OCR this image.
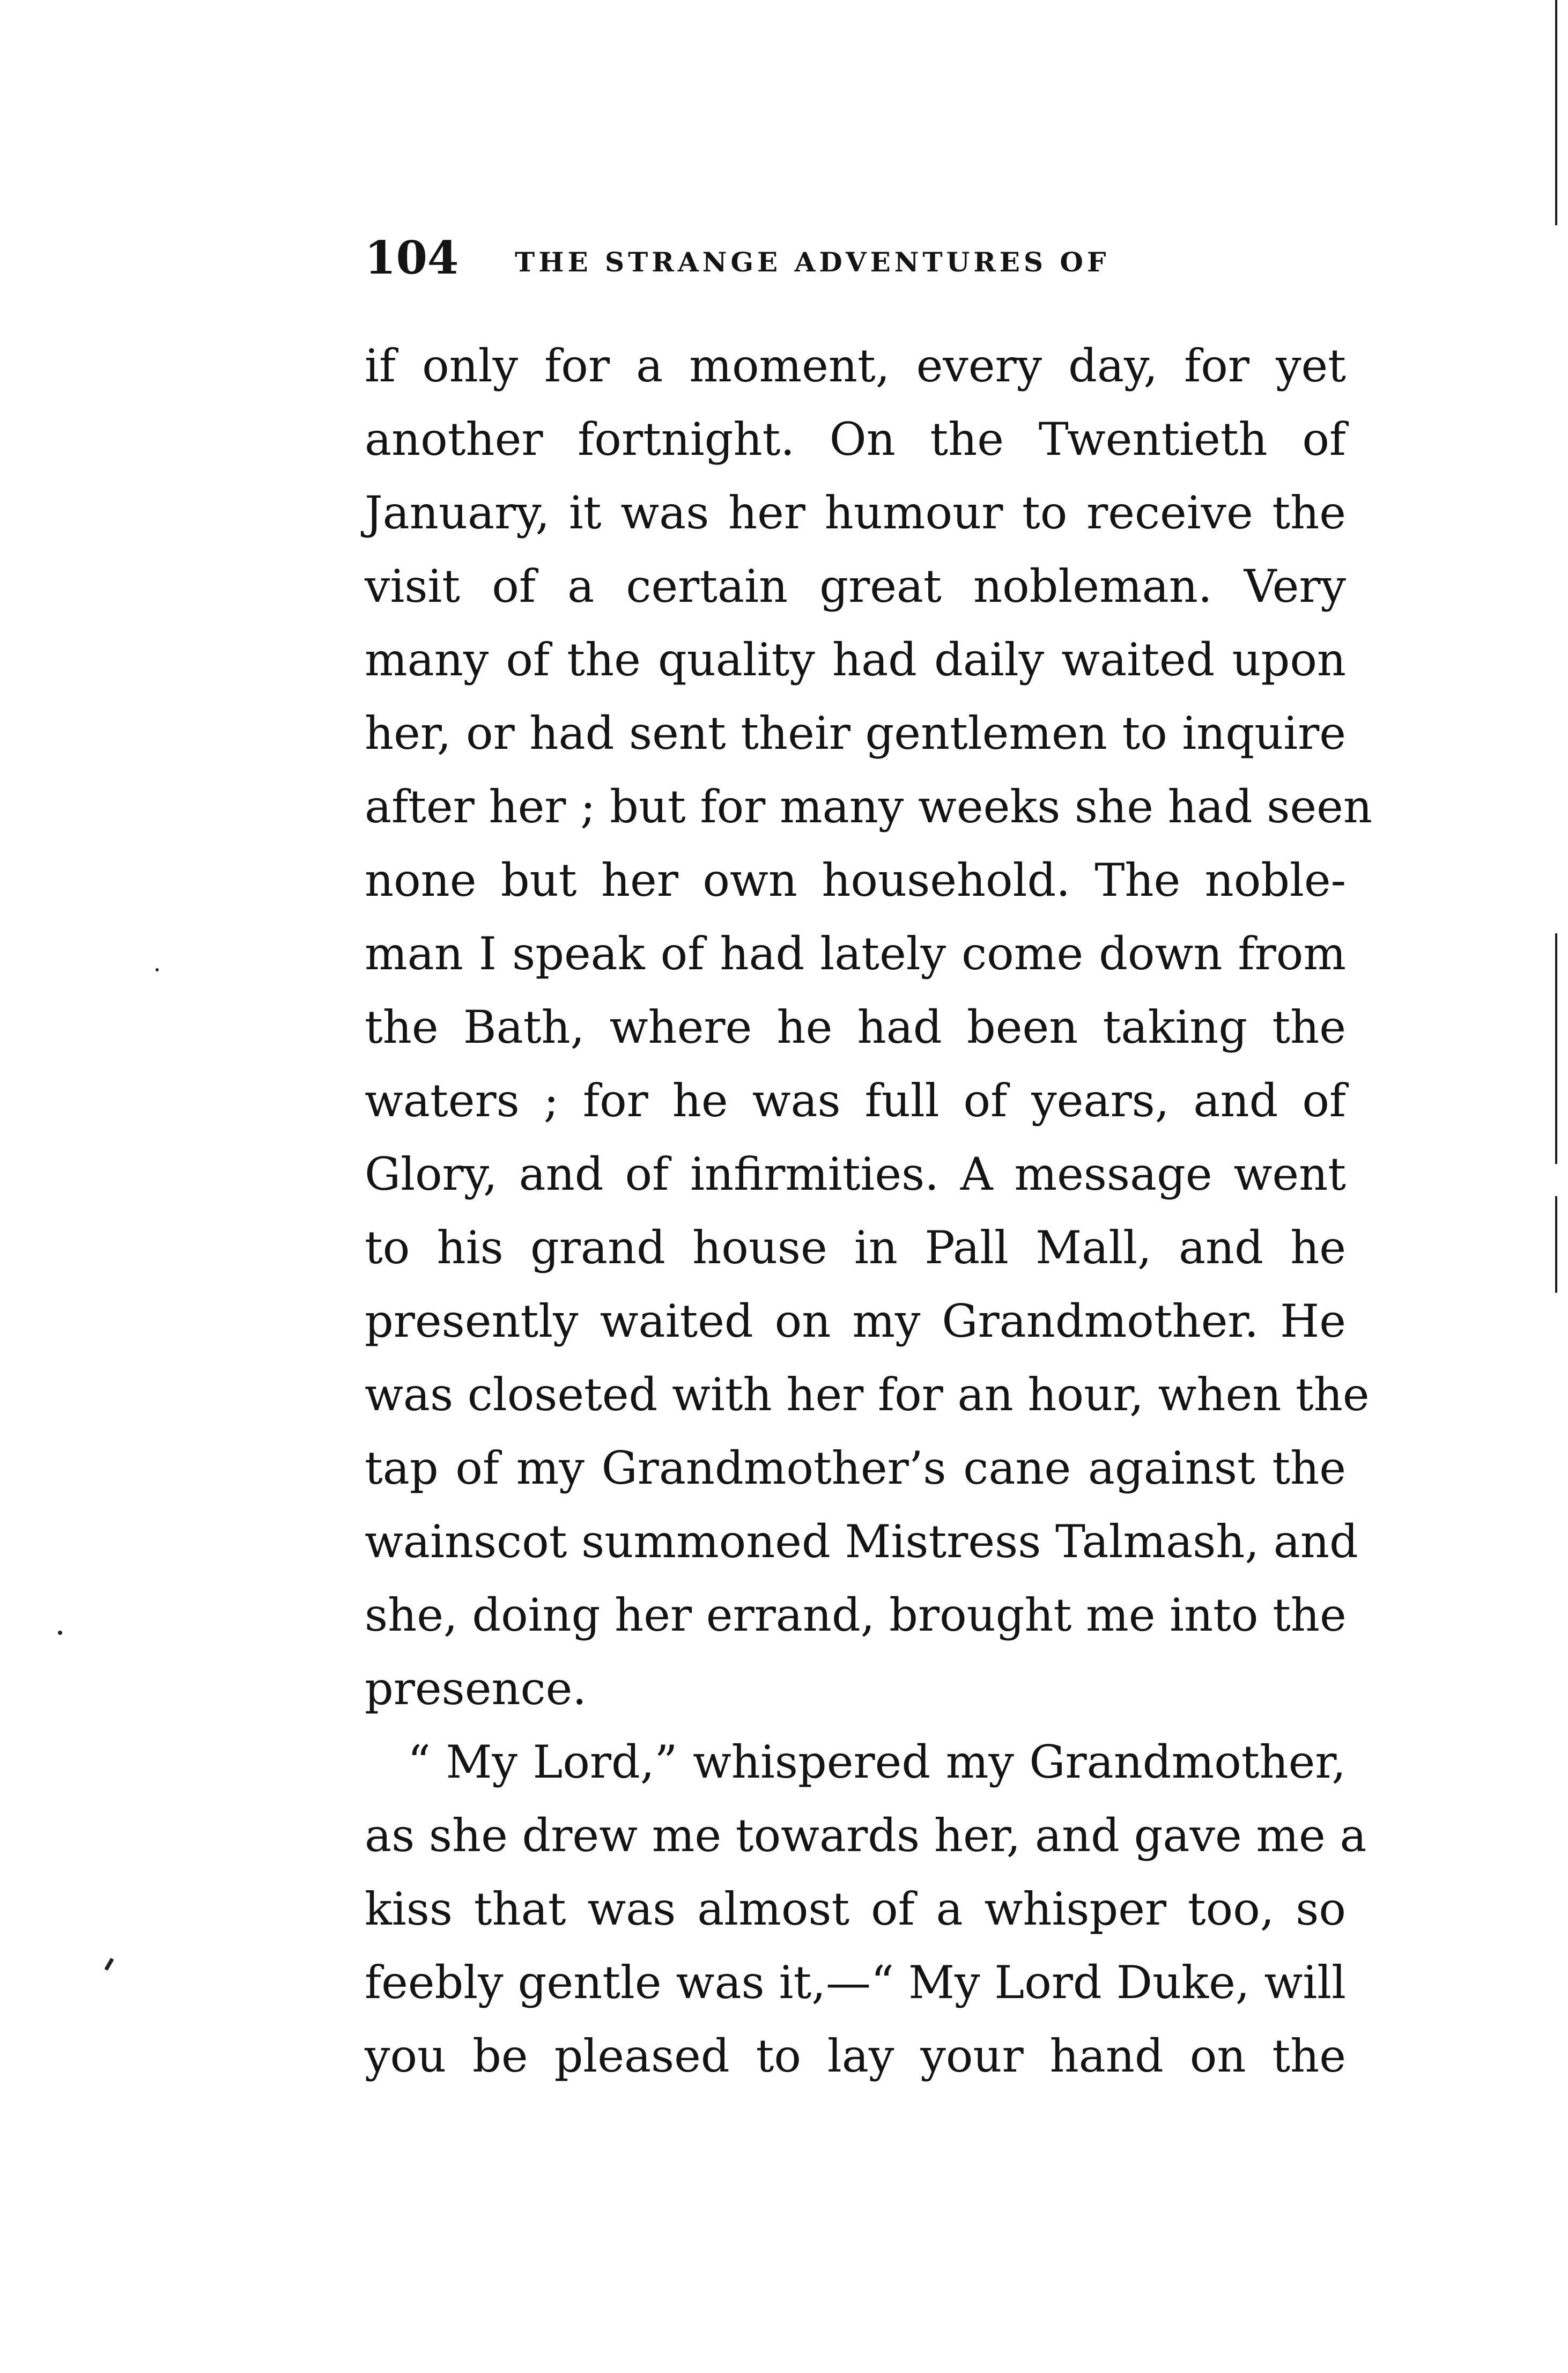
104 THE STRANGE ADVENTURES OF
if only for a moment, every day, for yet
another fortnight. On the Twentieth of
January, it was her humour to receive the
visit of a certain great nobleman. Very
many of the quality had daily waited upon
her, or had sent their gentlemen to inquire
after her ; but for many weeks she had seen
none but her own household. The noble-
man I speak of had lately come down from
the Bath, where he had been taking the
waters ; for he was full of years, and of
Glory, and of infirmities. A message went
to his grand house in Pall Mall, and he
presently waited on my Grandmother. He
was closeted with her for an hour, when the
tap of my Grandmother’s cane against the
wainscot summoned Mistress Talmash, and
she, doing her errand, brought me into the
presence.
“ My Lord,” whispered my Grandmother,
as she drew me towards her, and gave me a
kiss that was almost of a whisper too, so
feebly gentle was it,—“ My Lord Duke, will
you be pleased to lay your hand on the
